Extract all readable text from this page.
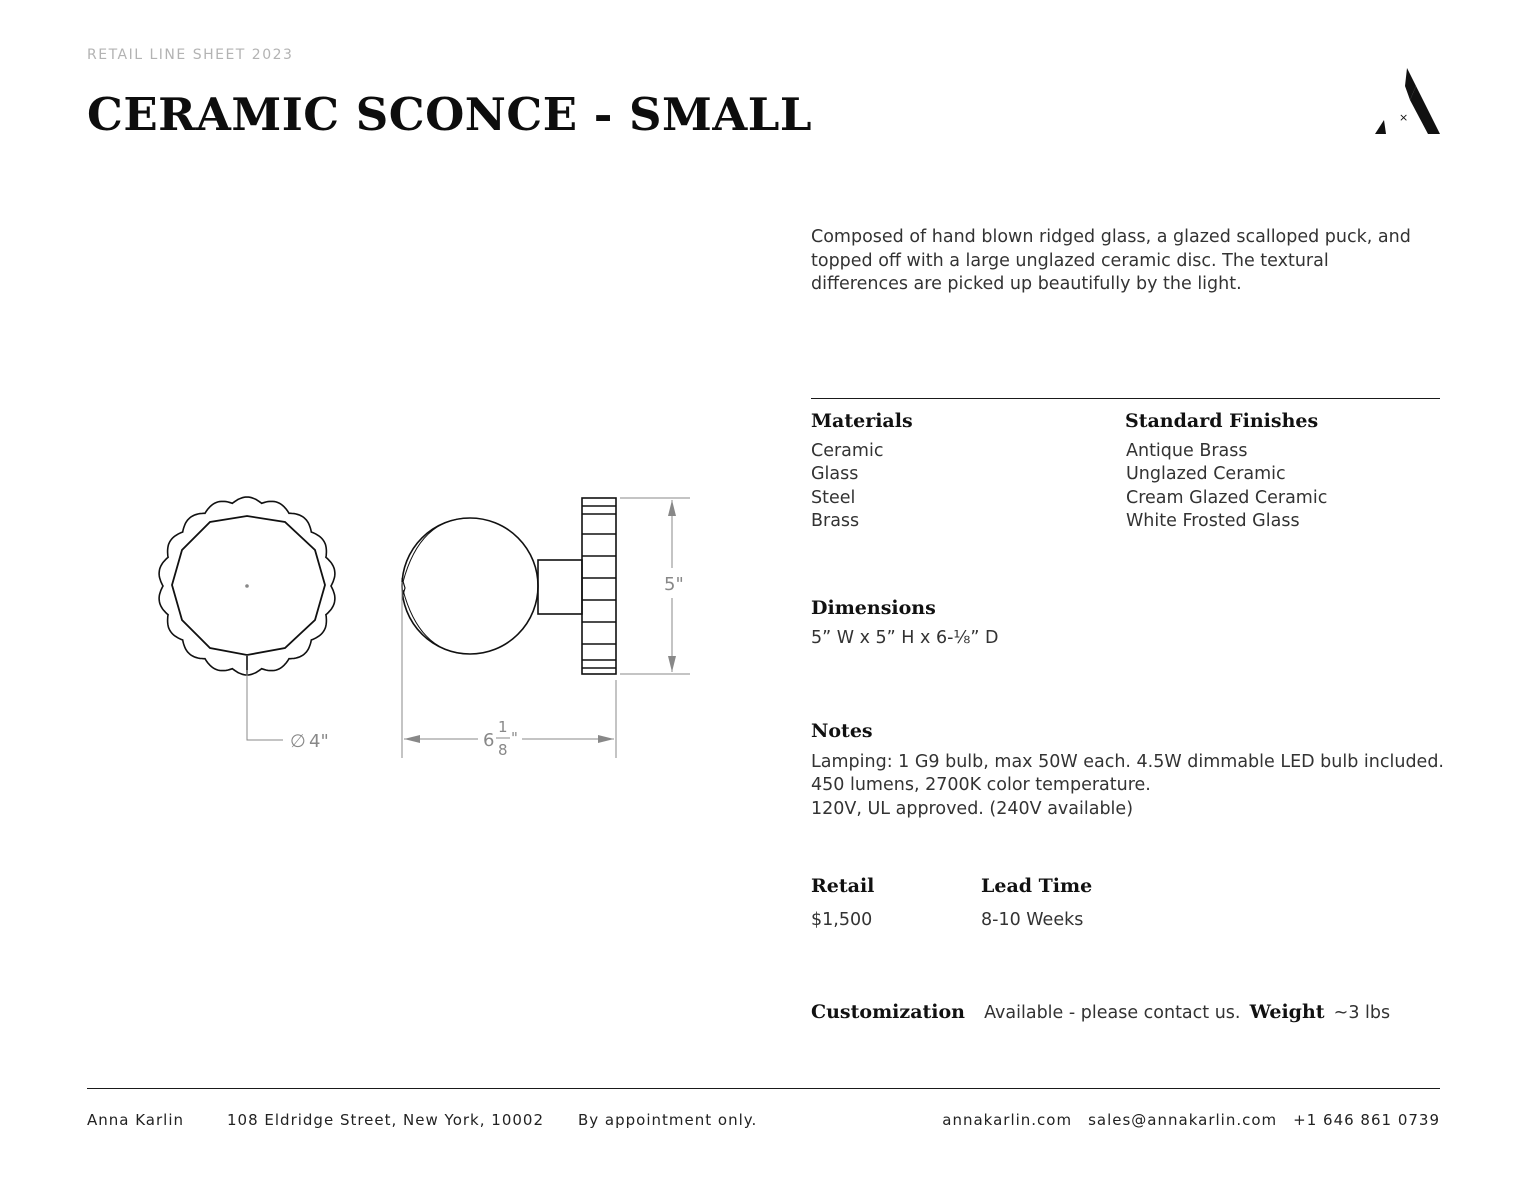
RETAIL LINE SHEET 2023
CERAMIC SCONCE - SMALL	×
Composed of hand blown ridged glass, a glazed scalloped puck, and topped off with a large unglazed ceramic disc. The textural differences are picked up beautifully by the light.
Materials
Ceramic
Glass
Steel
Brass
Standard Finishes
Antique Brass
Unglazed Ceramic
Cream Glazed Ceramic
White Frosted Glass
Dimensions
5” W x 5” H x 6-⅛” D
Notes
Lamping: 1 G9 bulb, max 50W each. 4.5W dimmable LED bulb included.
450 lumens, 2700K color temperature.
120V, UL approved. (240V available)
Retail
$1,500
Lead Time
8-10 Weeks
Customization Available - please contact us. Weight ~3 lbs
∅ 4"	6
1
8
"
5"
Anna Karlin	108 Eldridge Street, New York, 10002 By appointment only.	annakarlin.com sales@annakarlin.com +1 646 861 0739
